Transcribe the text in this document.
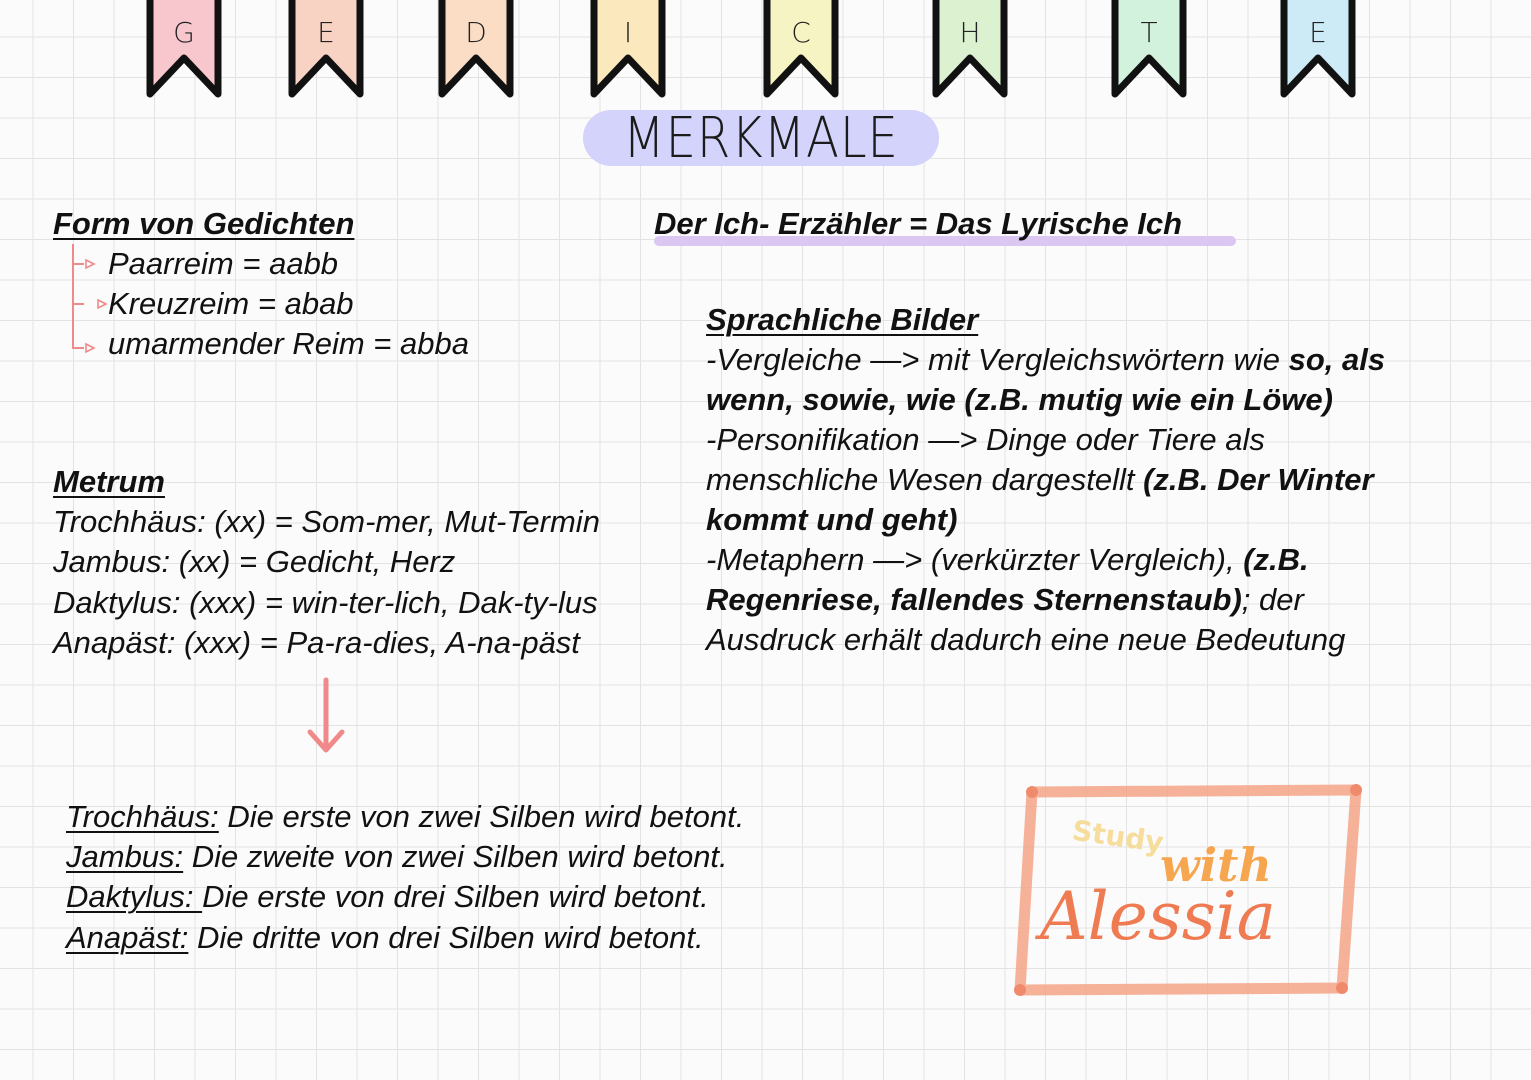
G	E	D	I	C	H	T	E
MERKMALE
Form von Gedichten
Paarreim = aabb
Kreuzreim = abab
umarmender Reim = abba
Der Ich- Erzähler = Das Lyrische Ich
Sprachliche Bilder
-Vergleiche —> mit Vergleichswörtern wie so, als
wenn, sowie, wie (z.B. mutig wie ein Löwe)
-Personifikation —> Dinge oder Tiere als
menschliche Wesen dargestellt (z.B. Der Winter
kommt und geht)
-Metaphern —> (verkürzter Vergleich), (z.B.
Regenriese, fallendes Sternenstaub); der
Ausdruck erhält dadurch eine neue Bedeutung
Metrum
Trochhäus: (xx) = Som-mer, Mut-Termin
Jambus: (xx) = Gedicht, Herz
Daktylus: (xxx) = win-ter-lich, Dak-ty-lus
Anapäst: (xxx) = Pa-ra-dies, A-na-päst
Trochhäus: Die erste von zwei Silben wird betont.
Jambus: Die zweite von zwei Silben wird betont.
Daktylus: Die erste von drei Silben wird betont.
Anapäst: Die dritte von drei Silben wird betont.
Study
with
Alessia
